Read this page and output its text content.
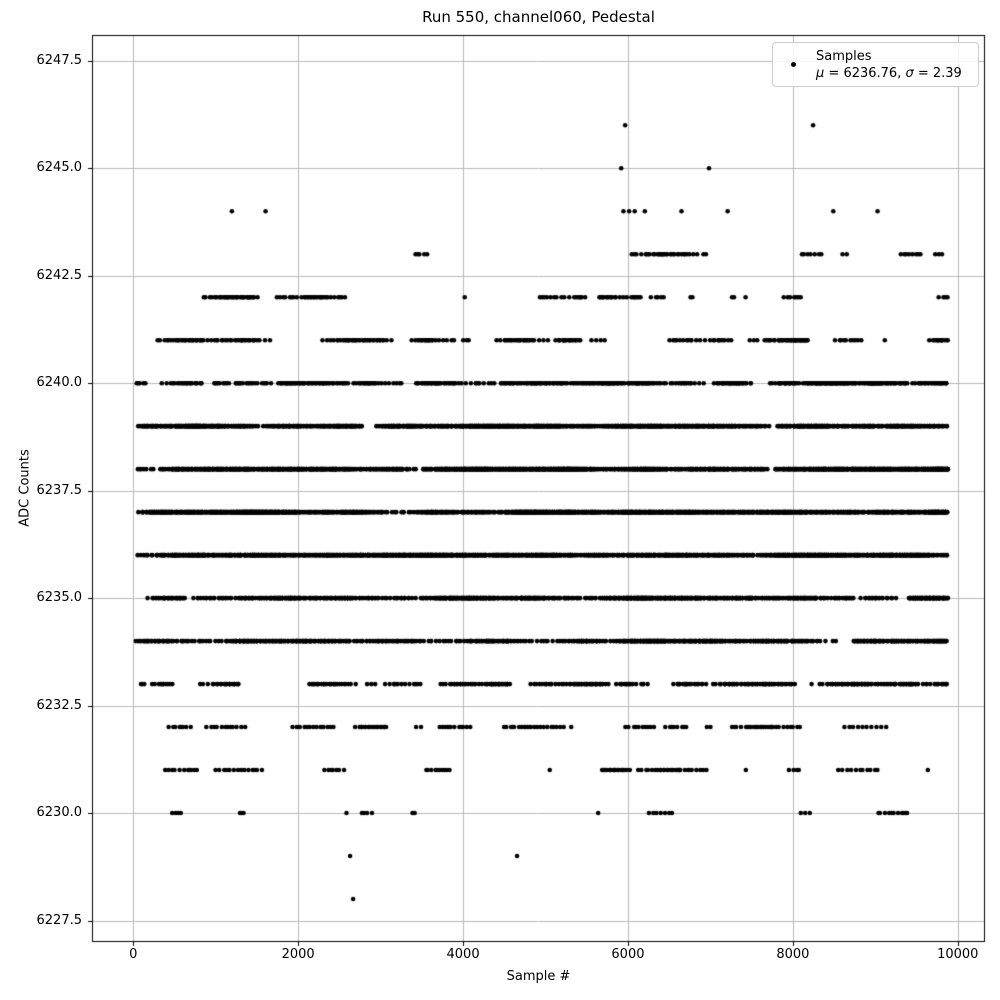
Run 550, channel060, Pedestal
ADC Counts
Sample #
0	2000	4000	6000	8000	10000
6227.5
6230.0
6232.5
6235.0
6237.5
6240.0
6242.5
6245.0
6247.5	Samples
μ = 6236.76, σ = 2.39
